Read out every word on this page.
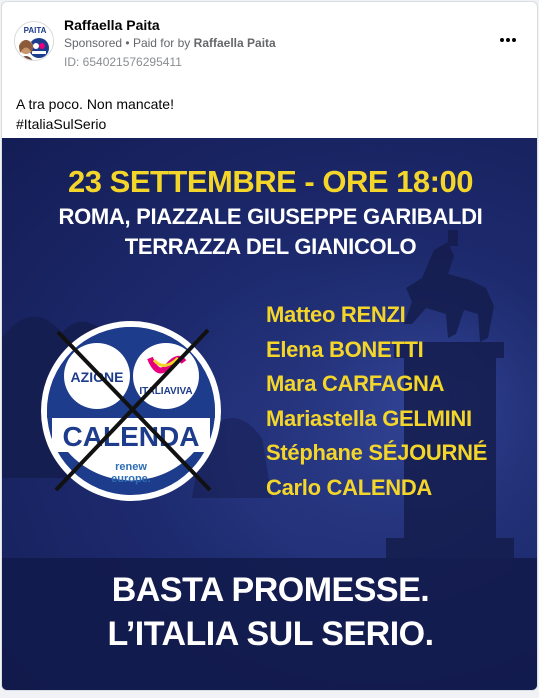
PAITA Raffaella Paita
Sponsored • Paid for by Raffaella Paita
ID: 654021576295411
A tra poco. Non mancate!
#ItaliaSulSerio
23 SETTEMBRE - ORE 18:00
ROMA, PIAZZALE GIUSEPPE GARIBALDI
TERRAZZA DEL GIANICOLO
AZIONE
ITALIAVIVA
CALENDA
renew
europe.
Matteo RENZI
Elena BONETTI
Mara CARFAGNA
Mariastella GELMINI
Stéphane SÉJOURNÉ
Carlo CALENDA
BASTA PROMESSE.
L’ITALIA SUL SERIO.
